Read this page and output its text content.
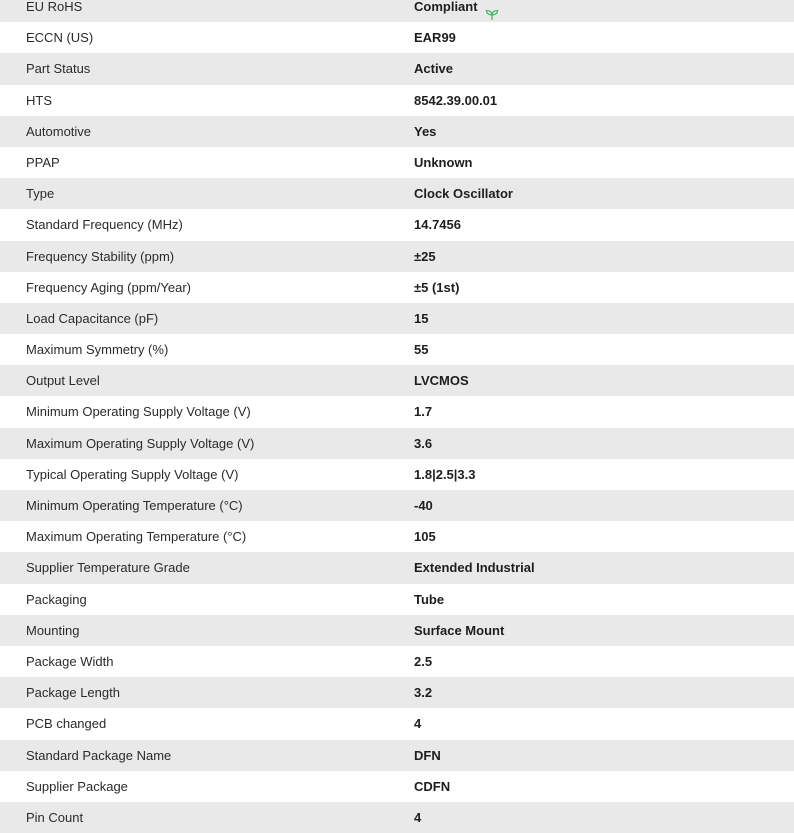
EU RoHS	Compliant
ECCN (US)	EAR99
Part Status	Active
HTS	8542.39.00.01
Automotive	Yes
PPAP	Unknown
Type	Clock Oscillator
Standard Frequency (MHz)	14.7456
Frequency Stability (ppm)	±25
Frequency Aging (ppm/Year)	±5 (1st)
Load Capacitance (pF)	15
Maximum Symmetry (%)	55
Output Level	LVCMOS
Minimum Operating Supply Voltage (V)	1.7
Maximum Operating Supply Voltage (V)	3.6
Typical Operating Supply Voltage (V)	1.8|2.5|3.3
Minimum Operating Temperature (°C)	-40
Maximum Operating Temperature (°C)	105
Supplier Temperature Grade	Extended Industrial
Packaging	Tube
Mounting	Surface Mount
Package Width	2.5
Package Length	3.2
PCB changed	4
Standard Package Name	DFN
Supplier Package	CDFN
Pin Count	4
